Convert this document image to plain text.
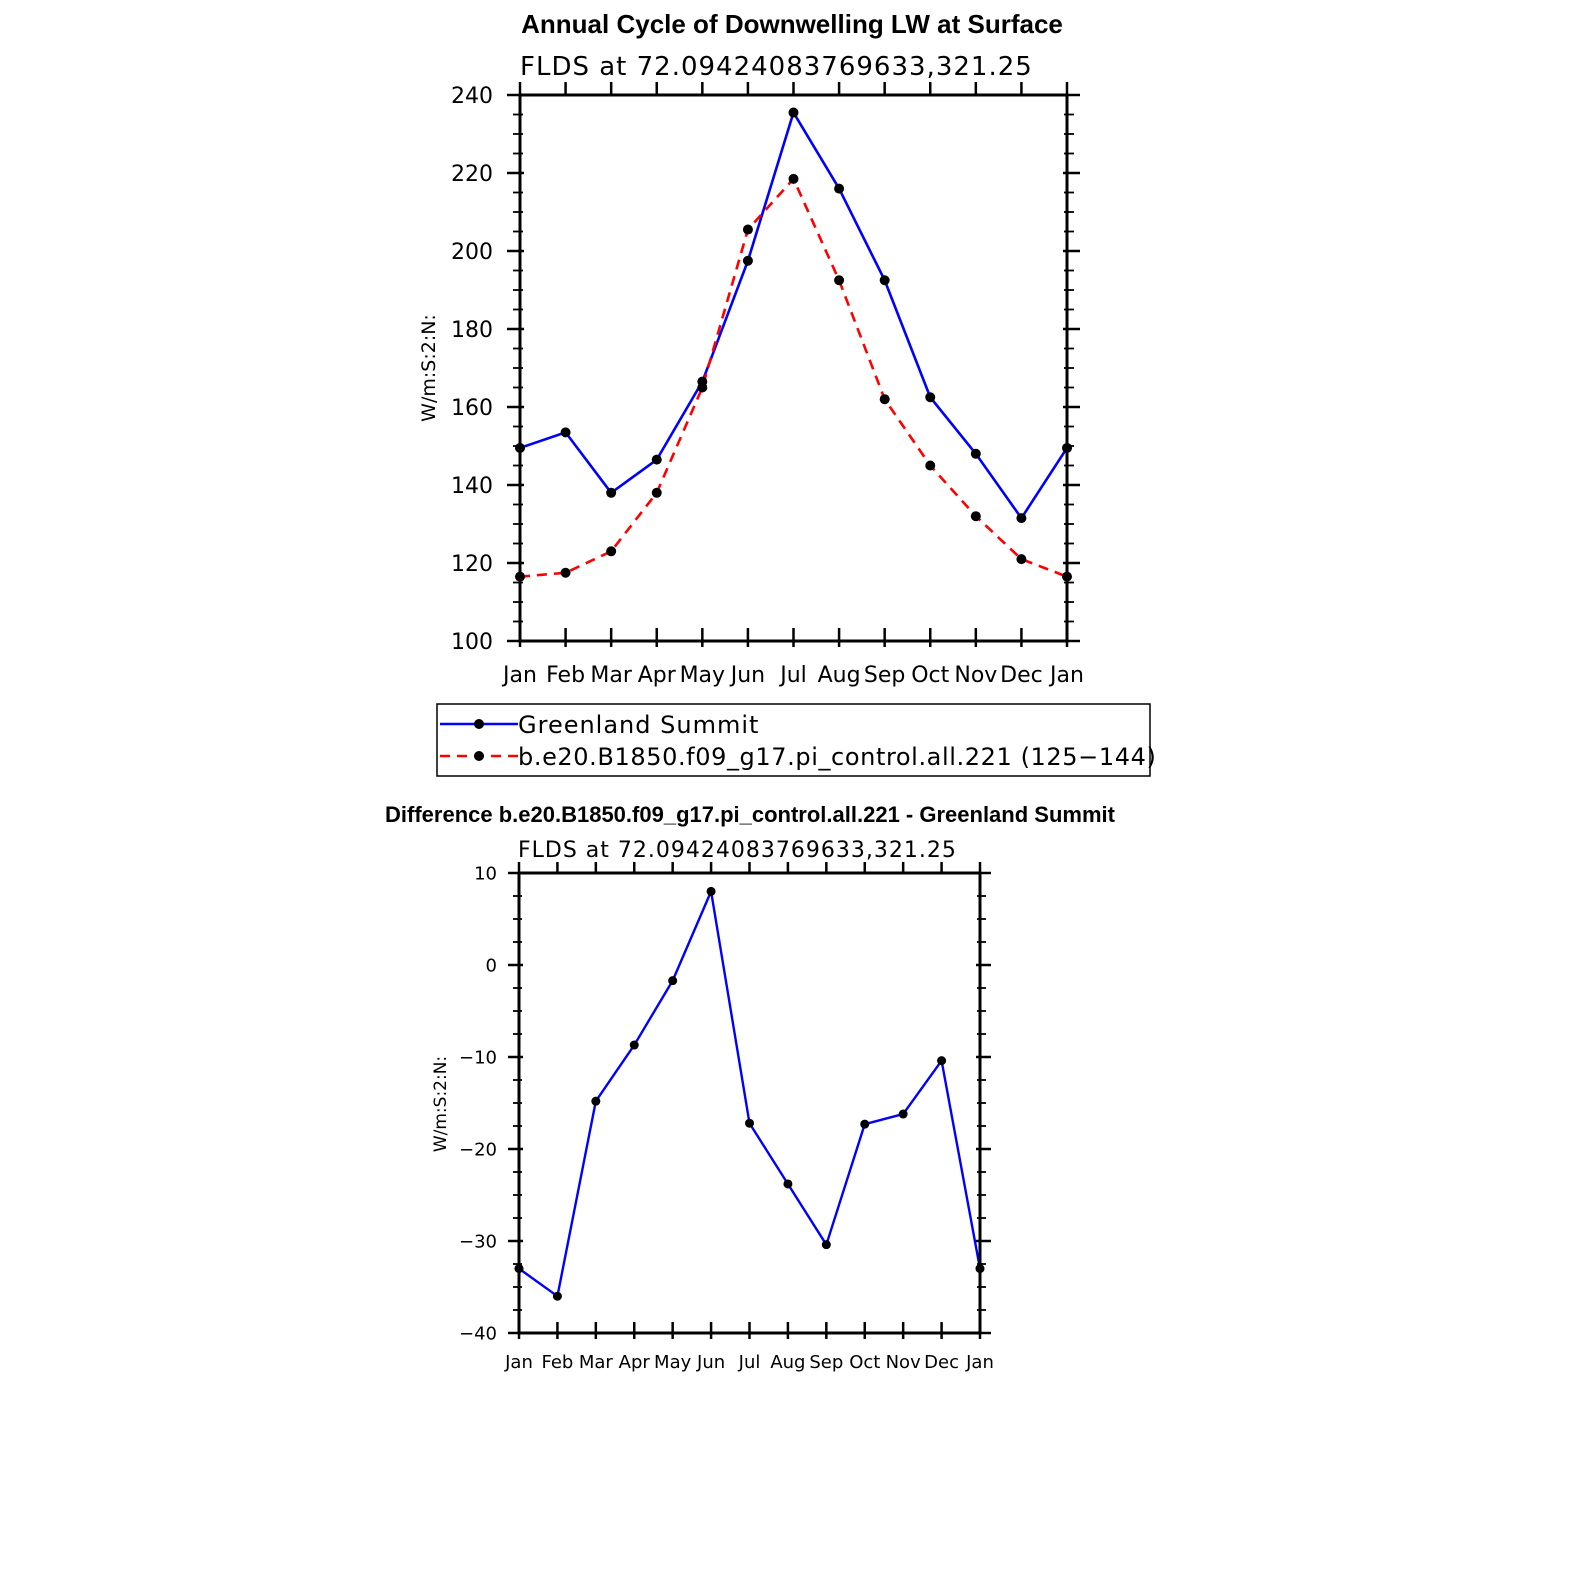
Annual Cycle of Downwelling LW at Surface
FLDS at 72.09424083769633,321.25
W/m:S:2:N:
100
120
140
160
180
200
220
240
Jan Feb Mar Apr May Jun Jul Aug Sep Oct Nov Dec Jan
Greenland Summit
b.e20.B1850.f09_g17.pi_control.all.221 (125−144)
Difference b.e20.B1850.f09_g17.pi_control.all.221 - Greenland Summit
FLDS at 72.09424083769633,321.25
W/m:S:2:N:
−40
−30
−20
−10
0
10
Jan Feb Mar Apr May Jun Jul Aug Sep Oct Nov Dec Jan
